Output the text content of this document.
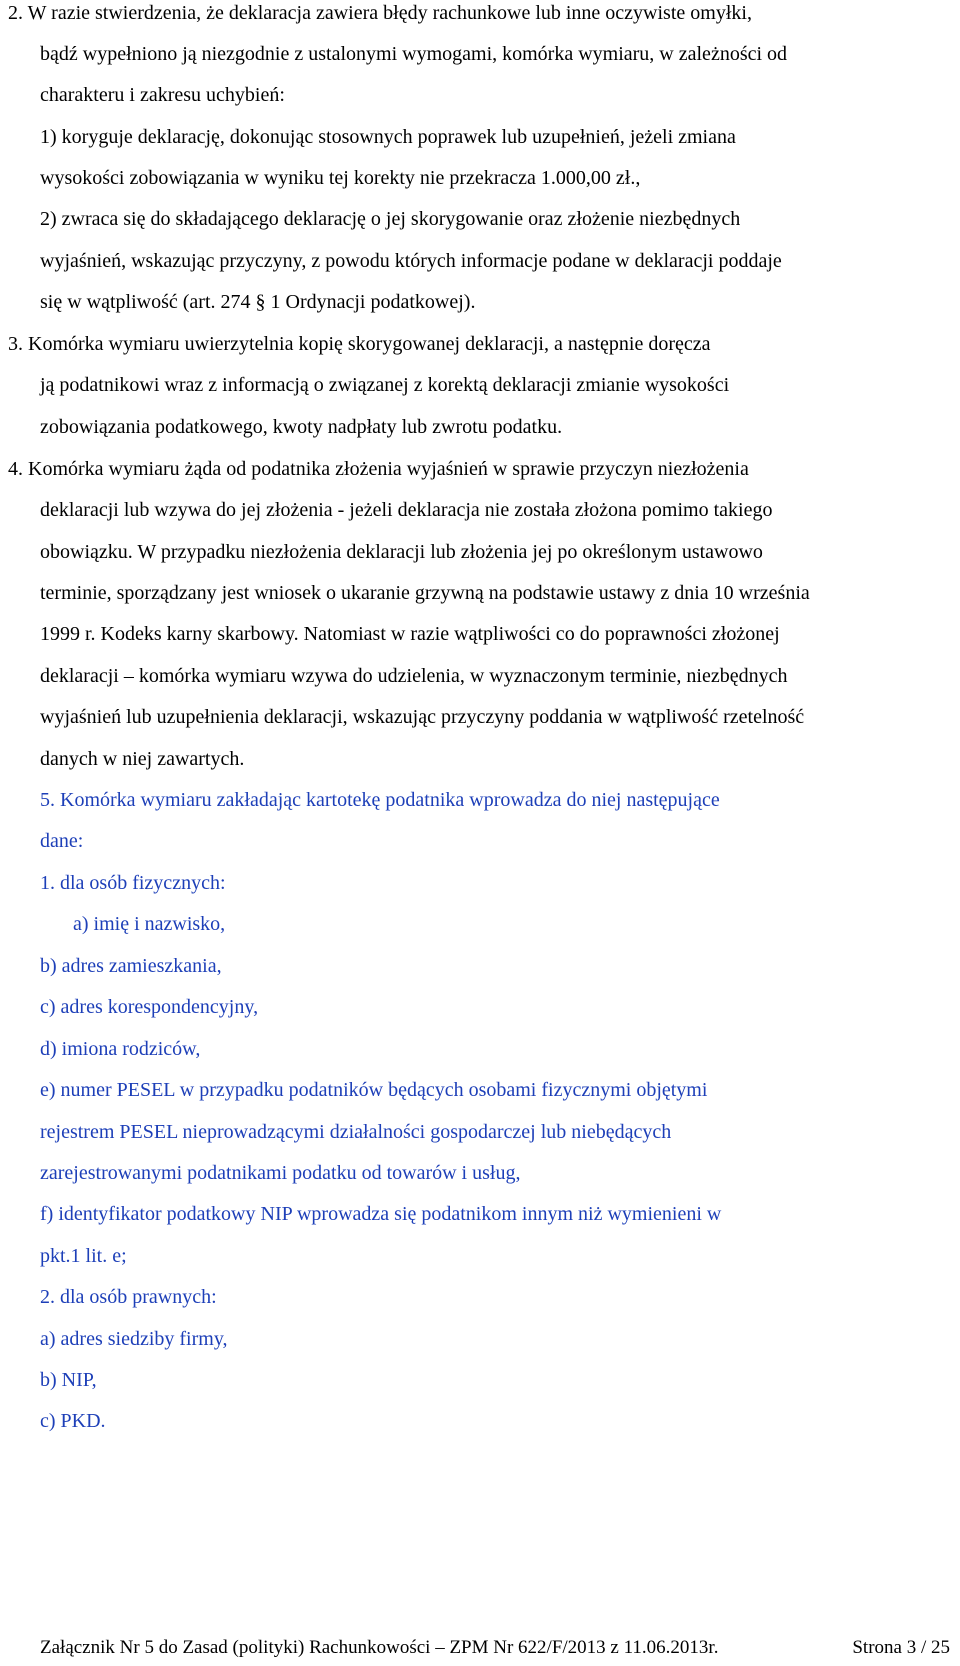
2. W razie stwierdzenia, że deklaracja zawiera błędy rachunkowe lub inne oczywiste omyłki,
bądź wypełniono ją niezgodnie z ustalonymi wymogami, komórka wymiaru, w zależności od
charakteru i zakresu uchybień:
1) koryguje deklarację, dokonując stosownych poprawek lub uzupełnień, jeżeli zmiana
wysokości zobowiązania w wyniku tej korekty nie przekracza 1.000,00 zł.,
2) zwraca się do składającego deklarację o jej skorygowanie oraz złożenie niezbędnych
wyjaśnień, wskazując przyczyny, z powodu których informacje podane w deklaracji poddaje
się w wątpliwość (art. 274 § 1 Ordynacji podatkowej).
3. Komórka wymiaru uwierzytelnia kopię skorygowanej deklaracji, a następnie doręcza
ją podatnikowi wraz z informacją o związanej z korektą deklaracji zmianie wysokości
zobowiązania podatkowego, kwoty nadpłaty lub zwrotu podatku.
4. Komórka wymiaru żąda od podatnika złożenia wyjaśnień w sprawie przyczyn niezłożenia
deklaracji lub wzywa do jej złożenia - jeżeli deklaracja nie została złożona pomimo takiego
obowiązku. W przypadku niezłożenia deklaracji lub złożenia jej po określonym ustawowo
terminie, sporządzany jest wniosek o ukaranie grzywną na podstawie ustawy z dnia 10 września
1999 r. Kodeks karny skarbowy. Natomiast w razie wątpliwości co do poprawności złożonej
deklaracji – komórka wymiaru wzywa do udzielenia, w wyznaczonym terminie, niezbędnych
wyjaśnień lub uzupełnienia deklaracji, wskazując przyczyny poddania w wątpliwość rzetelność
danych w niej zawartych.
5. Komórka wymiaru zakładając kartotekę podatnika wprowadza do niej następujące
dane:
1. dla osób fizycznych:
a) imię i nazwisko,
b) adres zamieszkania,
c) adres korespondencyjny,
d) imiona rodziców,
e) numer PESEL w przypadku podatników będących osobami fizycznymi objętymi
rejestrem PESEL nieprowadzącymi działalności gospodarczej lub niebędących
zarejestrowanymi podatnikami podatku od towarów i usług,
f) identyfikator podatkowy NIP wprowadza się podatnikom innym niż wymienieni w
pkt.1 lit. e;
2. dla osób prawnych:
a) adres siedziby firmy,
b) NIP,
c) PKD.
Załącznik Nr 5 do Zasad (polityki) Rachunkowości – ZPM Nr 622/F/2013 z 11.06.2013r.	Strona 3 / 25
